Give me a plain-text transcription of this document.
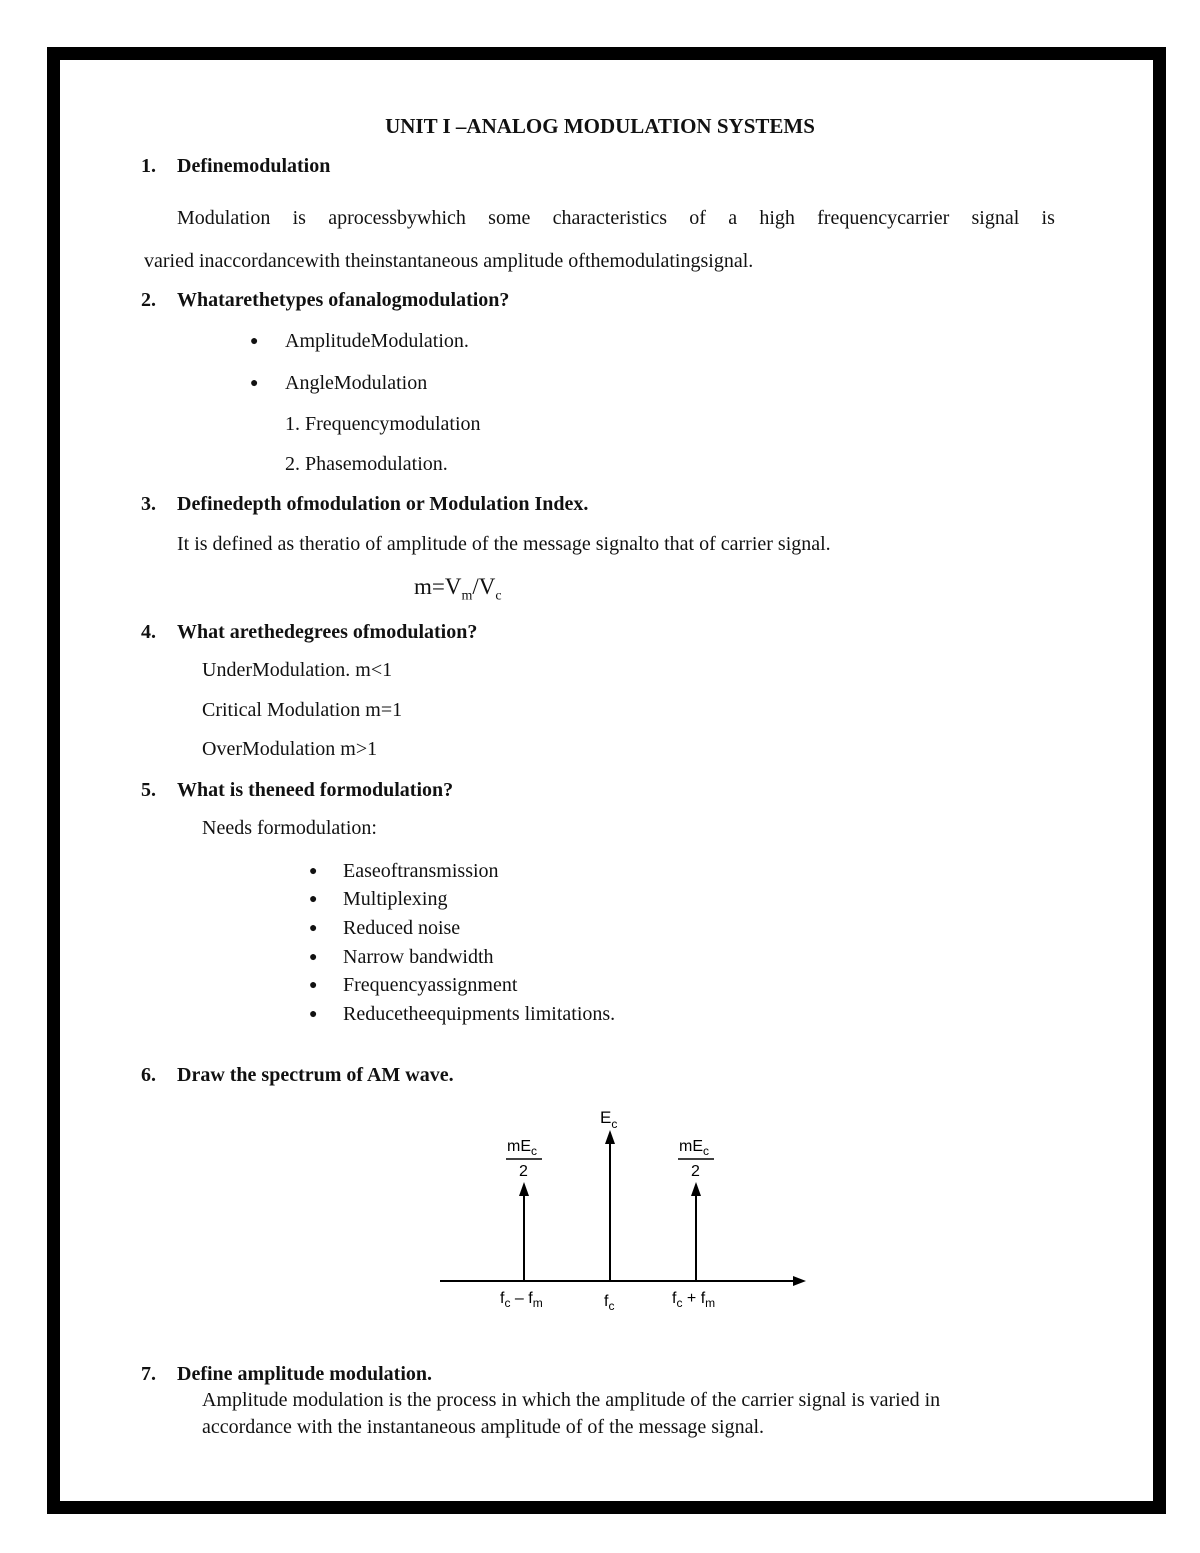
UNIT I –ANALOG MODULATION SYSTEMS
1. Definemodulation
Modulation is aprocessbywhich some characteristics of a high frequencycarrier signal is
varied inaccordancewith theinstantaneous amplitude ofthemodulatingsignal.
2. Whatarethetypes ofanalogmodulation?
● AmplitudeModulation.
● AngleModulation
1. Frequencymodulation
2. Phasemodulation.
3. Definedepth ofmodulation or Modulation Index.
It is defined as theratio of amplitude of the message signalto that of carrier signal.
$m=V_m/V_c$
4. What arethedegrees ofmodulation?
UnderModulation. m<1
Critical Modulation m=1
OverModulation m>1
5. What is theneed formodulation?
Needs formodulation:
● Easeoftransmission
● Multiplexing
● Reduced noise
● Narrow bandwidth
● Frequencyassignment
● Reducetheequipments limitations.
6. Draw the spectrum of AM wave.
$E_c$
$mE_c$
2
$mE_c$
2
$f_c - f_m$	$f_c$	$f_c + f_m$
7. Define amplitude modulation.
Amplitude modulation is the process in which the amplitude of the carrier signal is varied in
accordance with the instantaneous amplitude of of the message signal.
